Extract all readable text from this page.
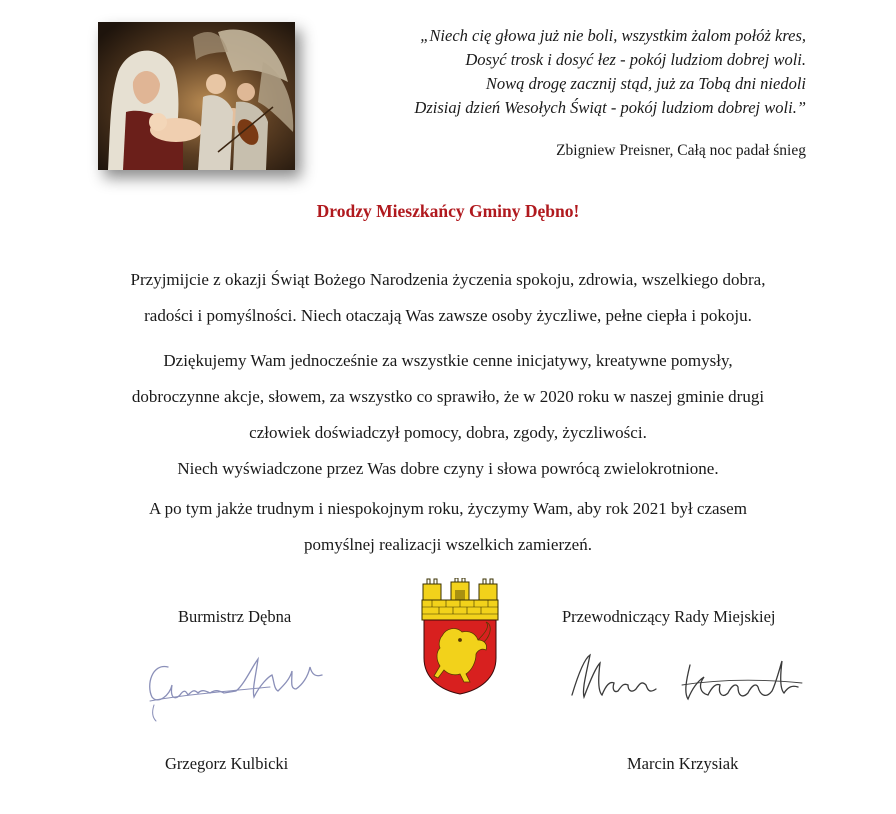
„Niech cię głowa już nie boli, wszystkim żalom połóż kres,
Dosyć trosk i dosyć łez - pokój ludziom dobrej woli.
Nową drogę zacznij stąd, już za Tobą dni niedoli
Dzisiaj dzień Wesołych Świąt - pokój ludziom dobrej woli.”
Zbigniew Preisner, Całą noc padał śnieg
Drodzy Mieszkańcy Gminy Dębno!
Przyjmijcie z okazji Świąt Bożego Narodzenia życzenia spokoju, zdrowia, wszelkiego dobra,
radości i pomyślności. Niech otaczają Was zawsze osoby życzliwe, pełne ciepła i pokoju.
Dziękujemy Wam jednocześnie za wszystkie cenne inicjatywy, kreatywne pomysły,
dobroczynne akcje, słowem, za wszystko co sprawiło, że w 2020 roku w naszej gminie drugi
człowiek doświadczył pomocy, dobra, zgody, życzliwości.
Niech wyświadczone przez Was dobre czyny i słowa powrócą zwielokrotnione.
A po tym jakże trudnym i niespokojnym roku, życzymy Wam, aby rok 2021 był czasem
pomyślnej realizacji wszelkich zamierzeń.
Burmistrz Dębna	Przewodniczący Rady Miejskiej
Grzegorz Kulbicki	Marcin Krzysiak
